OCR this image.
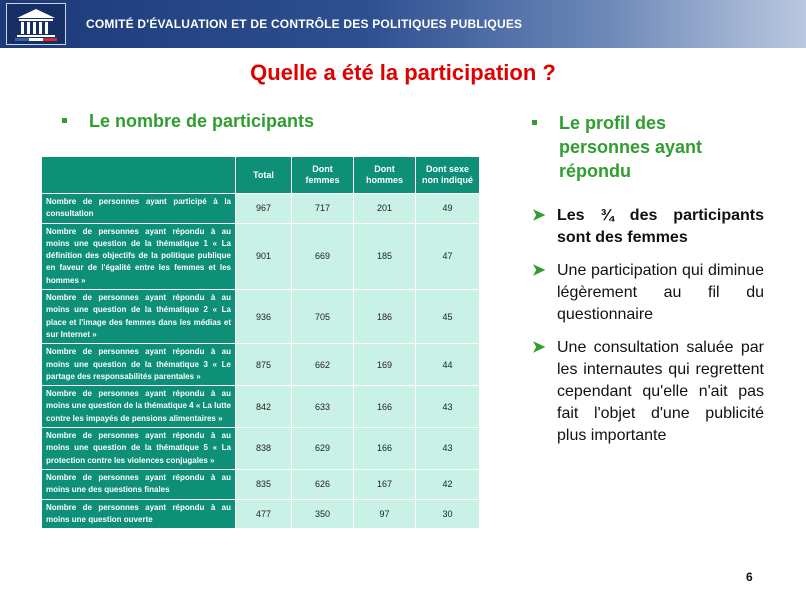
COMITÉ D'ÉVALUATION ET DE CONTRÔLE DES POLITIQUES PUBLIQUES
Quelle a été la participation ?
Le nombre de participants	Le profil des personnes ayant répondu
	Total	Dont femmes	Dont hommes	Dont sexe non indiqué
Nombre de personnes ayant participé à la consultation	967	717	201	49
Nombre de personnes ayant répondu à au moins une question de la thématique 1 « La définition des objectifs de la politique publique en faveur de l'égalité entre les femmes et les hommes »	901	669	185	47
Nombre de personnes ayant répondu à au moins une question de la thématique 2 « La place et l'image des femmes dans les médias et sur Internet »	936	705	186	45
Nombre de personnes ayant répondu à au moins une question de la thématique 3 « Le partage des responsabilités parentales »	875	662	169	44
Nombre de personnes ayant répondu à au moins une question de la thématique 4 « La lutte contre les impayés de pensions alimentaires »	842	633	166	43
Nombre de personnes ayant répondu à au moins une question de la thématique 5 « La protection contre les violences conjugales »	838	629	166	43
Nombre de personnes ayant répondu à au moins une des questions finales	835	626	167	42
Nombre de personnes ayant répondu à au moins une question ouverte	477	350	97	30
➤ Les ¾ des participants sont des femmes
➤ Une participation qui diminue légèrement au fil du questionnaire
➤ Une consultation saluée par les internautes qui regrettent cependant qu'elle n'ait pas fait l'objet d'une publicité plus importante
6
